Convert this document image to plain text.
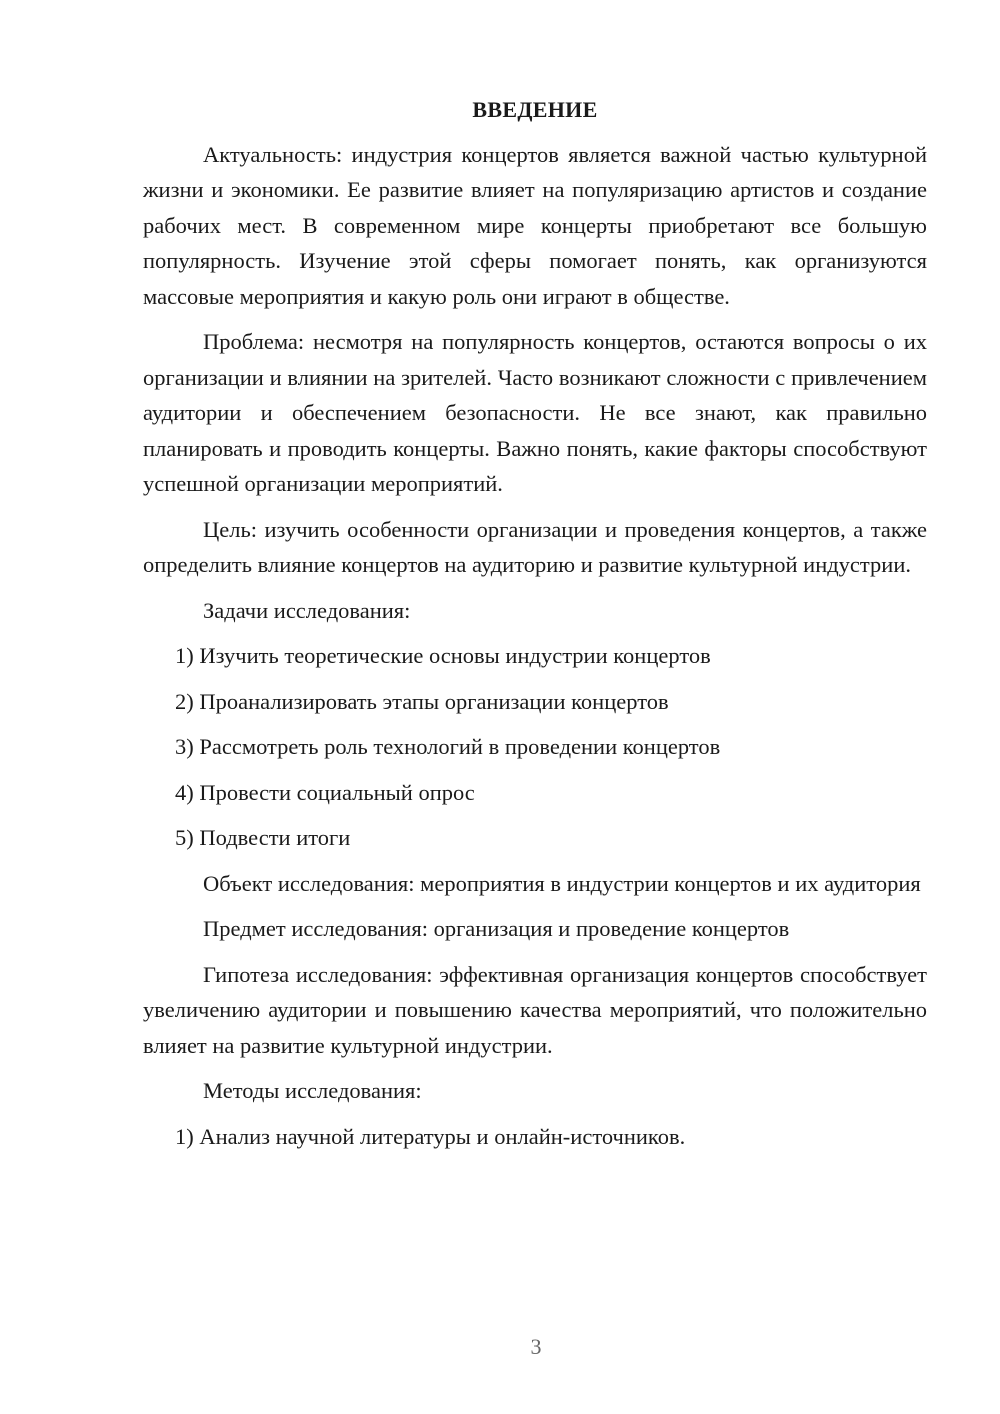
ВВЕДЕНИЕ

Актуальность: индустрия концертов является важной частью культурной жизни и экономики. Ее развитие влияет на популяризацию артистов и создание рабочих мест. В современном мире концерты приобретают все большую популярность. Изучение этой сферы помогает понять, как организуются массовые мероприятия и какую роль они играют в обществе.

Проблема: несмотря на популярность концертов, остаются вопросы о их организации и влиянии на зрителей. Часто возникают сложности с привлечением аудитории и обеспечением безопасности. Не все знают, как правильно планировать и проводить концерты. Важно понять, какие факторы способствуют успешной организации мероприятий.

Цель: изучить особенности организации и проведения концертов, а также определить влияние концертов на аудиторию и развитие культурной индустрии.

Задачи исследования:

1) Изучить теоретические основы индустрии концертов

2) Проанализировать этапы организации концертов

3) Рассмотреть роль технологий в проведении концертов

4) Провести социальный опрос

5) Подвести итоги

Объект исследования: мероприятия в индустрии концертов и их аудитория

Предмет исследования: организация и проведение концертов

Гипотеза исследования: эффективная организация концертов способствует увеличению аудитории и повышению качества мероприятий, что положительно влияет на развитие культурной индустрии.

Методы исследования:

1) Анализ научной литературы и онлайн-источников.

3
